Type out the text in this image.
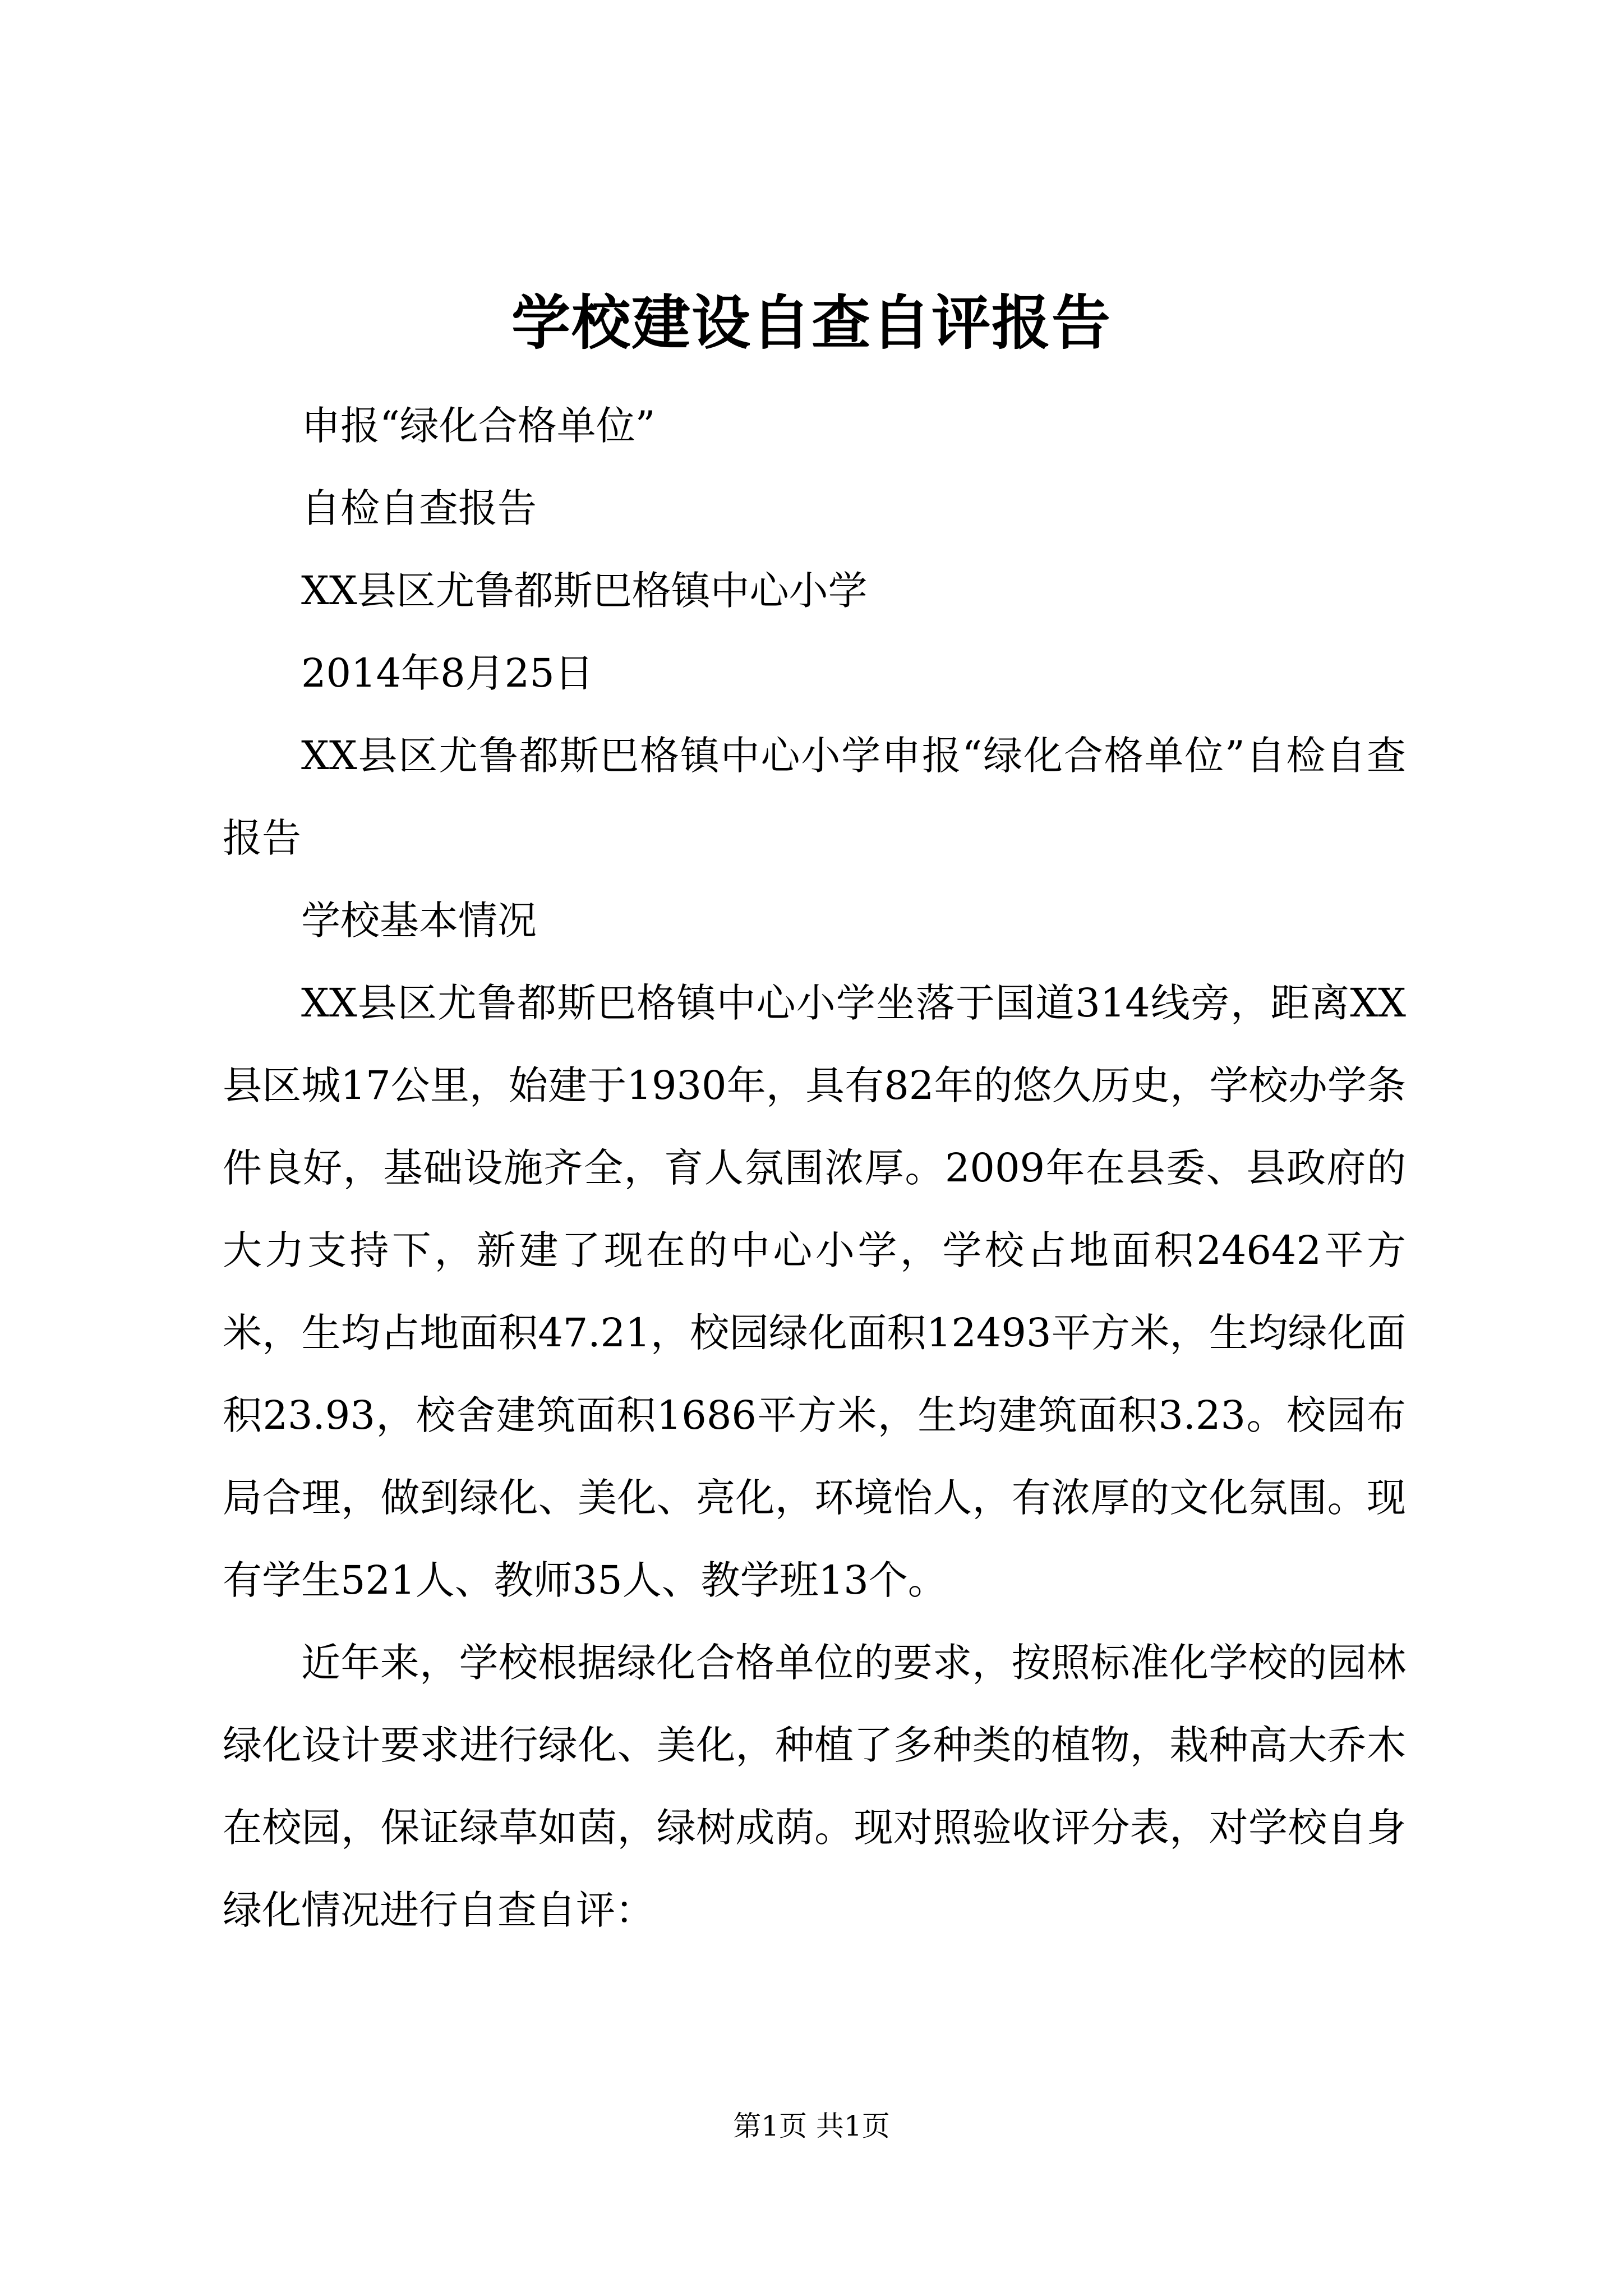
学校建设自查自评报告

申报“绿化合格单位”

自检自查报告

XX县区尤鲁都斯巴格镇中心小学

2014年8月25日

XX县区尤鲁都斯巴格镇中心小学申报“绿化合格单位”自检自查报告

学校基本情况

XX县区尤鲁都斯巴格镇中心小学坐落于国道314线旁，距离XX县区城17公里，始建于1930年，具有82年的悠久历史，学校办学条件良好，基础设施齐全，育人氛围浓厚。2009年在县委、县政府的大力支持下，新建了现在的中心小学，学校占地面积24642平方米，生均占地面积47.21，校园绿化面积12493平方米，生均绿化面积23.93，校舍建筑面积1686平方米，生均建筑面积3.23。校园布局合理，做到绿化、美化、亮化，环境怡人，有浓厚的文化氛围。现有学生521人、教师35人、教学班13个。

近年来，学校根据绿化合格单位的要求，按照标准化学校的园林绿化设计要求进行绿化、美化，种植了多种类的植物，栽种高大乔木在校园，保证绿草如茵，绿树成荫。现对照验收评分表，对学校自身绿化情况进行自查自评：

第1页 共1页
